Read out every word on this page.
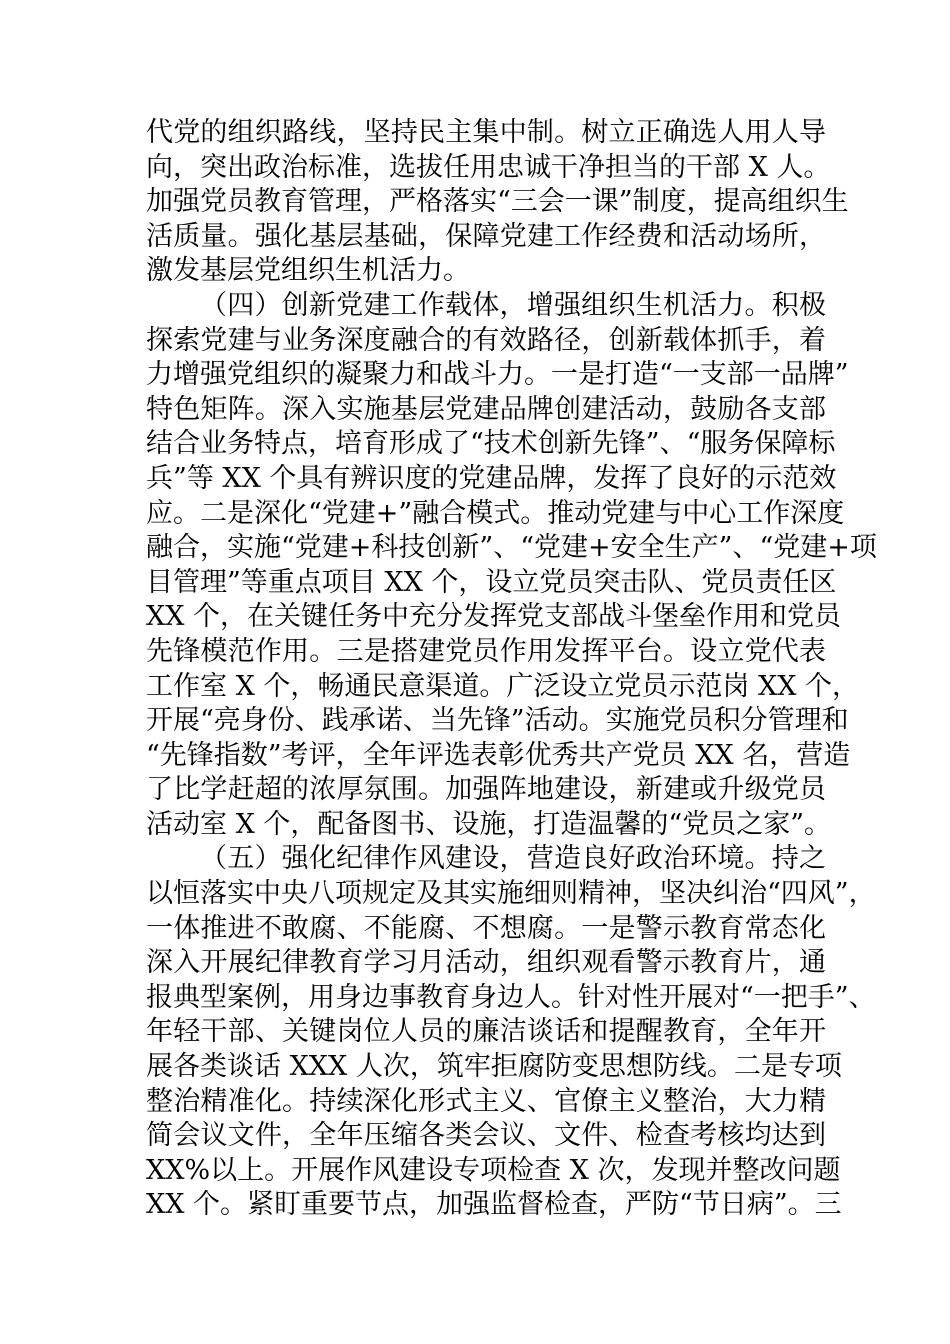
代党的组织路线，坚持民主集中制。树立正确选人用人导
向，突出政治标准，选拔任用忠诚干净担当的干部 X 人。
加强党员教育管理，严格落实“三会一课”制度，提高组织生
活质量。强化基层基础，保障党建工作经费和活动场所，
激发基层党组织生机活力。
（四）创新党建工作载体，增强组织生机活力。积极
探索党建与业务深度融合的有效路径，创新载体抓手，着
力增强党组织的凝聚力和战斗力。一是打造“一支部一品牌”
特色矩阵。深入实施基层党建品牌创建活动，鼓励各支部
结合业务特点，培育形成了“技术创新先锋”、“服务保障标
兵”等 XX 个具有辨识度的党建品牌，发挥了良好的示范效
应。二是深化“党建+”融合模式。推动党建与中心工作深度
融合，实施“党建+科技创新”、“党建+安全生产”、“党建+项
目管理”等重点项目 XX 个，设立党员突击队、党员责任区
XX 个，在关键任务中充分发挥党支部战斗堡垒作用和党员
先锋模范作用。三是搭建党员作用发挥平台。设立党代表
工作室 X 个，畅通民意渠道。广泛设立党员示范岗 XX 个，
开展“亮身份、践承诺、当先锋”活动。实施党员积分管理和
“先锋指数”考评，全年评选表彰优秀共产党员 XX 名，营造
了比学赶超的浓厚氛围。加强阵地建设，新建或升级党员
活动室 X 个，配备图书、设施，打造温馨的“党员之家”。
（五）强化纪律作风建设，营造良好政治环境。持之
以恒落实中央八项规定及其实施细则精神，坚决纠治“四风”，
一体推进不敢腐、不能腐、不想腐。一是警示教育常态化
深入开展纪律教育学习月活动，组织观看警示教育片，通
报典型案例，用身边事教育身边人。针对性开展对“一把手”、
年轻干部、关键岗位人员的廉洁谈话和提醒教育，全年开
展各类谈话 XXX 人次，筑牢拒腐防变思想防线。二是专项
整治精准化。持续深化形式主义、官僚主义整治，大力精
简会议文件，全年压缩各类会议、文件、检查考核均达到
XX%以上。开展作风建设专项检查 X 次，发现并整改问题
XX 个。紧盯重要节点，加强监督检查，严防“节日病”。三
